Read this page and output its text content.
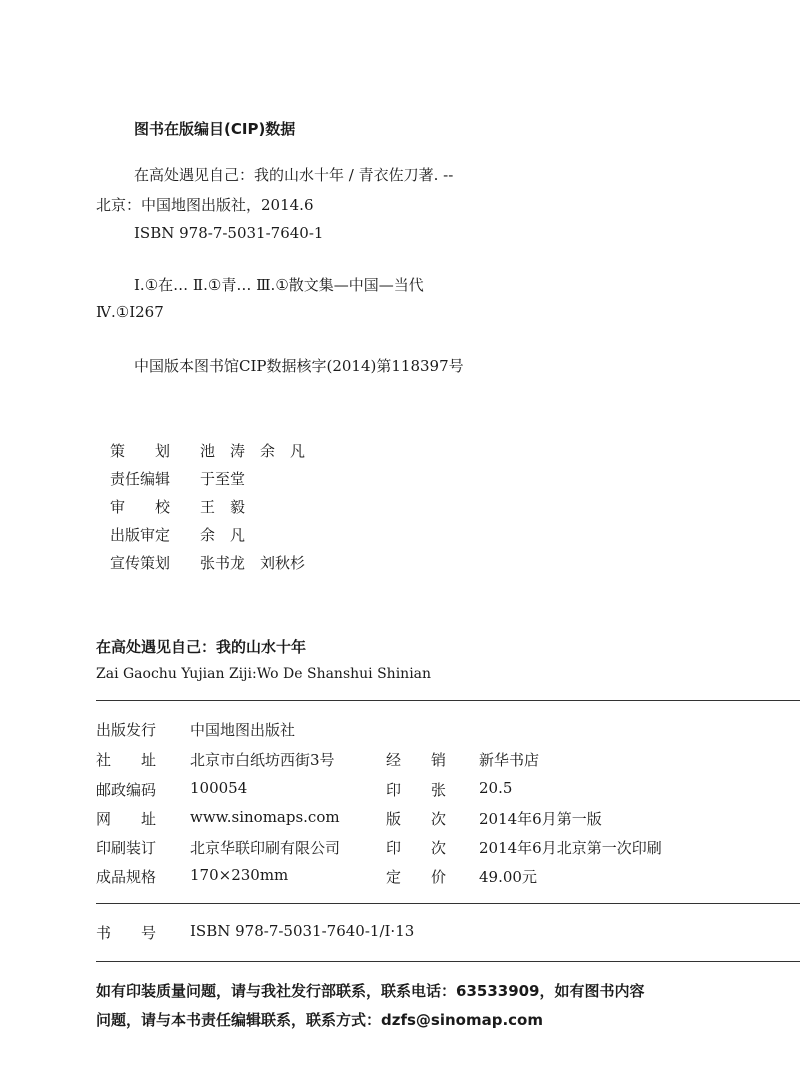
图书在版编目(CIP)数据
在高处遇见自己：我的山水十年 / 青衣佐刀著. --
北京：中国地图出版社，2014.6
ISBN 978-7-5031-7640-1
Ⅰ.①在… Ⅱ.①青… Ⅲ.①散文集—中国—当代
Ⅳ.①I267
中国版本图书馆CIP数据核字(2014)第118397号
策　　划 池　涛　余　凡
责任编辑 于至堂
审　　校 王　毅
出版审定 余　凡
宣传策划 张书龙　刘秋杉
在高处遇见自己：我的山水十年
Zai Gaochu Yujian Ziji:Wo De Shanshui Shinian
出版发行 中国地图出版社
社　　址 北京市白纸坊西街3号	经　　销 新华书店
邮政编码 100054	印　　张 20.5
网　　址 www.sinomaps.com	版　　次 2014年6月第一版
印刷装订 北京华联印刷有限公司	印　　次 2014年6月北京第一次印刷
成品规格 170×230mm	定　　价 49.00元
书　　号 ISBN 978-7-5031-7640-1/I·13
如有印装质量问题，请与我社发行部联系，联系电话：63533909，如有图书内容
问题，请与本书责任编辑联系，联系方式：dzfs@sinomap.com
